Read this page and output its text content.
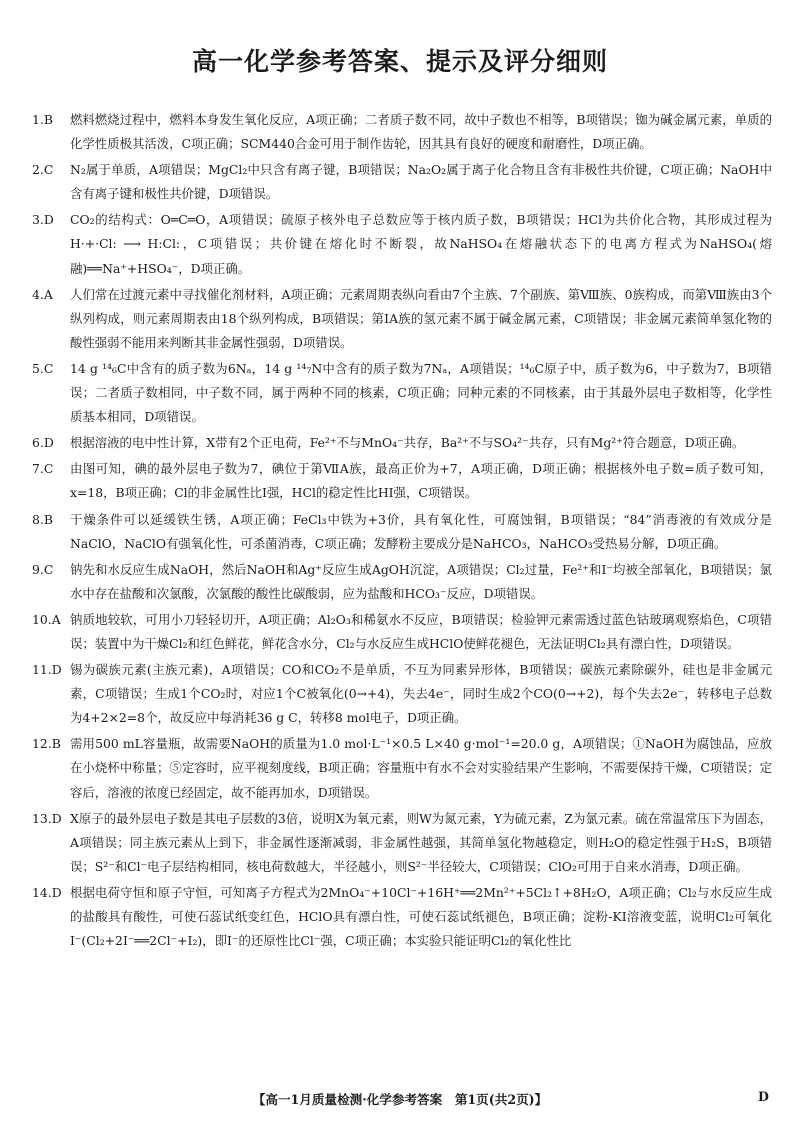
高一化学参考答案、提示及评分细则
1.B 燃料燃烧过程中，燃料本身发生氧化反应，A项正确；二者质子数不同，故中子数也不相等，B项错误；铷为碱金属元素，单质的化学性质极其活泼，C项正确；SCM440合金可用于制作齿轮，因其具有良好的硬度和耐磨性，D项正确。

2.C N₂属于单质，A项错误；MgCl₂中只含有离子键，B项错误；Na₂O₂属于离子化合物且含有非极性共价键，C项正确；NaOH中含有离子键和极性共价键，D项错误。

3.D CO₂的结构式：O═C═O，A项错误；硫原子核外电子总数应等于核内质子数，B项错误；HCl为共价化合物，其形成过程为H·+·Cl: ⟶ H:Cl:，C项错误；共价键在熔化时不断裂，故NaHSO₄在熔融状态下的电离方程式为NaHSO₄(熔融)══Na⁺+HSO₄⁻，D项正确。

4.A 人们常在过渡元素中寻找催化剂材料，A项正确；元素周期表纵向看由7个主族、7个副族、第Ⅷ族、0族构成，而第Ⅷ族由3个纵列构成，则元素周期表由18个纵列构成，B项错误；第ⅠA族的氢元素不属于碱金属元素，C项错误；非金属元素简单氢化物的酸性强弱不能用来判断其非金属性强弱，D项错误。

5.C 14 g ¹⁴₆C中含有的质子数为6Nₐ，14 g ¹⁴₇N中含有的质子数为7Nₐ，A项错误；¹⁴₆C原子中，质子数为6，中子数为7，B项错误；二者质子数相同，中子数不同，属于两种不同的核素，C项正确；同种元素的不同核素，由于其最外层电子数相等，化学性质基本相同，D项错误。

6.D 根据溶液的电中性计算，X带有2个正电荷，Fe²⁺不与MnO₄⁻共存，Ba²⁺不与SO₄²⁻共存，只有Mg²⁺符合题意，D项正确。

7.C 由图可知，碘的最外层电子数为7，碘位于第ⅦA族，最高正价为+7，A项正确，D项正确；根据核外电子数=质子数可知，x=18，B项正确；Cl的非金属性比I强，HCl的稳定性比HI强，C项错误。

8.B 干燥条件可以延缓铁生锈，A项正确；FeCl₃中铁为+3价，具有氧化性，可腐蚀铜，B项错误；“84”消毒液的有效成分是NaClO，NaClO有强氧化性，可杀菌消毒，C项正确；发酵粉主要成分是NaHCO₃，NaHCO₃受热易分解，D项正确。

9.C 钠先和水反应生成NaOH，然后NaOH和Ag⁺反应生成AgOH沉淀，A项错误；Cl₂过量，Fe²⁺和I⁻均被全部氧化，B项错误；氯水中存在盐酸和次氯酸，次氯酸的酸性比碳酸弱，应为盐酸和HCO₃⁻反应，D项错误。

10.A 钠质地较软，可用小刀轻轻切开，A项正确；Al₂O₃和稀氨水不反应，B项错误；检验钾元素需透过蓝色钴玻璃观察焰色，C项错误；装置中为干燥Cl₂和红色鲜花，鲜花含水分，Cl₂与水反应生成HClO使鲜花褪色，无法证明Cl₂具有漂白性，D项错误。

11.D 锡为碳族元素(主族元素)，A项错误；CO和CO₂不是单质，不互为同素异形体，B项错误；碳族元素除碳外，硅也是非金属元素，C项错误；生成1个CO₂时，对应1个C被氧化(0→+4)，失去4e⁻，同时生成2个CO(0→+2)，每个失去2e⁻，转移电子总数为4+2×2=8个，故反应中每消耗36 g C，转移8 mol电子，D项正确。

12.B 需用500 mL容量瓶，故需要NaOH的质量为1.0 mol·L⁻¹×0.5 L×40 g·mol⁻¹=20.0 g，A项错误；①NaOH为腐蚀品，应放在小烧杯中称量；⑤定容时，应平视刻度线，B项正确；容量瓶中有水不会对实验结果产生影响，不需要保持干燥，C项错误；定容后，溶液的浓度已经固定，故不能再加水，D项错误。

13.D X原子的最外层电子数是其电子层数的3倍，说明X为氧元素，则W为氮元素，Y为硫元素，Z为氯元素。硫在常温常压下为固态，A项错误；同主族元素从上到下，非金属性逐渐减弱，非金属性越强，其简单氢化物越稳定，则H₂O的稳定性强于H₂S，B项错误；S²⁻和Cl⁻电子层结构相同，核电荷数越大，半径越小，则S²⁻半径较大，C项错误；ClO₂可用于自来水消毒，D项正确。

14.D 根据电荷守恒和原子守恒，可知离子方程式为2MnO₄⁻+10Cl⁻+16H⁺══2Mn²⁺+5Cl₂↑+8H₂O，A项正确；Cl₂与水反应生成的盐酸具有酸性，可使石蕊试纸变红色，HClO具有漂白性，可使石蕊试纸褪色，B项正确；淀粉-KI溶液变蓝，说明Cl₂可氧化I⁻(Cl₂+2I⁻══2Cl⁻+I₂)，即I⁻的还原性比Cl⁻强，C项正确；本实验只能证明Cl₂的氧化性比

【高一1月质量检测·化学参考答案　第1页(共2页)】	D
